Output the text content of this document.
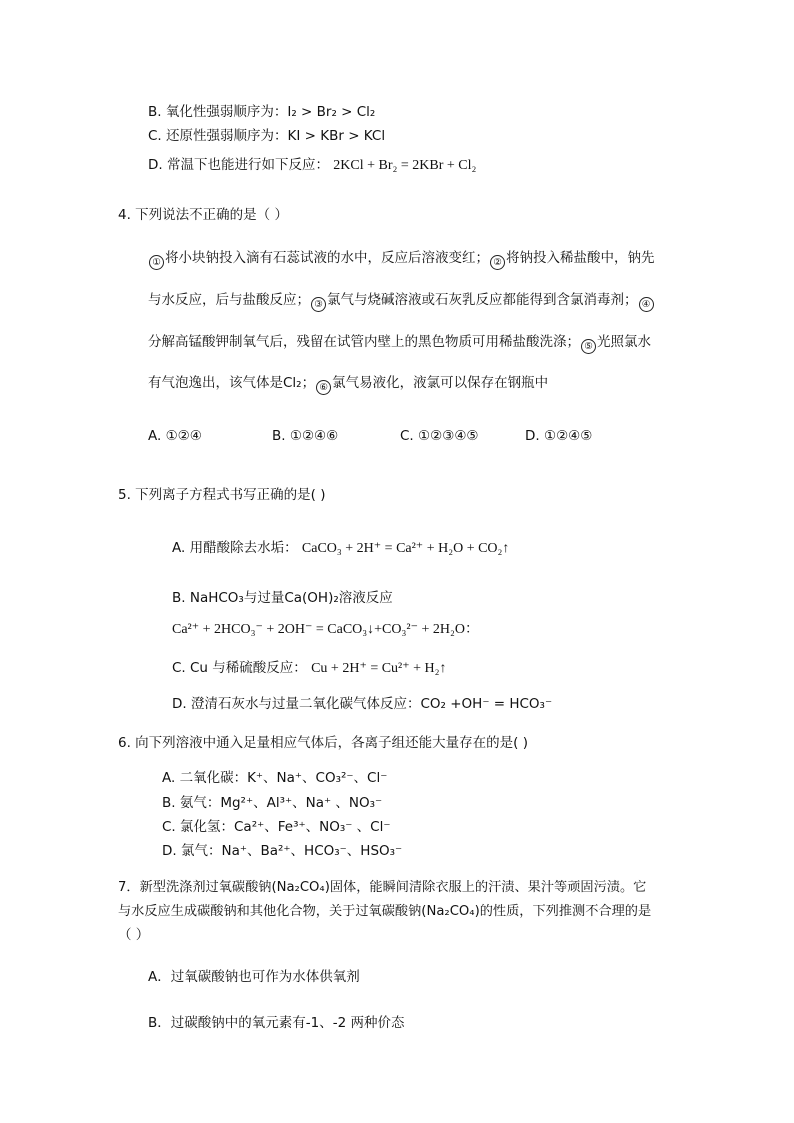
B. 氧化性强弱顺序为：I₂ > Br₂ > Cl₂
C. 还原性强弱顺序为：KI > KBr > KCl
D. 常温下也能进行如下反应： 2KCl + Br₂ = 2KBr + Cl₂
4. 下列说法不正确的是（ ）
① 将小块钠投入滴有石蕊试液的水中，反应后溶液变红； ② 将钠投入稀盐酸中，钠先
与水反应，后与盐酸反应； ③ 氯气与烧碱溶液或石灰乳反应都能得到含氯消毒剂； ④
分解高锰酸钾制氧气后，残留在试管内壁上的黑色物质可用稀盐酸洗涤； ⑤ 光照氯水
有气泡逸出，该气体是Cl₂； ⑥ 氯气易液化，液氯可以保存在钢瓶中
A. ①②④	B. ①②④⑥	C. ①②③④⑤	D. ①②④⑤
5. 下列离子方程式书写正确的是( )
A. 用醋酸除去水垢： CaCO₃ + 2H⁺ = Ca²⁺ + H₂O + CO₂↑
B. NaHCO₃与过量Ca(OH)₂溶液反应
Ca²⁺ + 2HCO₃⁻ + 2OH⁻ = CaCO₃↓+CO₃²⁻ + 2H₂O：
C. Cu 与稀硫酸反应： Cu + 2H⁺ = Cu²⁺ + H₂↑
D. 澄清石灰水与过量二氧化碳气体反应：CO₂ +OH⁻ = HCO₃⁻
6. 向下列溶液中通入足量相应气体后，各离子组还能大量存在的是( )
A. 二氧化碳：K⁺、Na⁺、CO₃²⁻、Cl⁻
B. 氨气：Mg²⁺、Al³⁺、Na⁺ 、NO₃⁻
C. 氯化氢：Ca²⁺、Fe³⁺、NO₃⁻ 、Cl⁻
D. 氯气：Na⁺、Ba²⁺、HCO₃⁻、HSO₃⁻
7．新型洗涤剂过氧碳酸钠(Na₂CO₄)固体，能瞬间清除衣服上的汗渍、果汁等顽固污渍。它
与水反应生成碳酸钠和其他化合物，关于过氧碳酸钠(Na₂CO₄)的性质，下列推测不合理的是
（ ）
A．过氧碳酸钠也可作为水体供氧剂
B．过碳酸钠中的氧元素有-1、-2 两种价态
